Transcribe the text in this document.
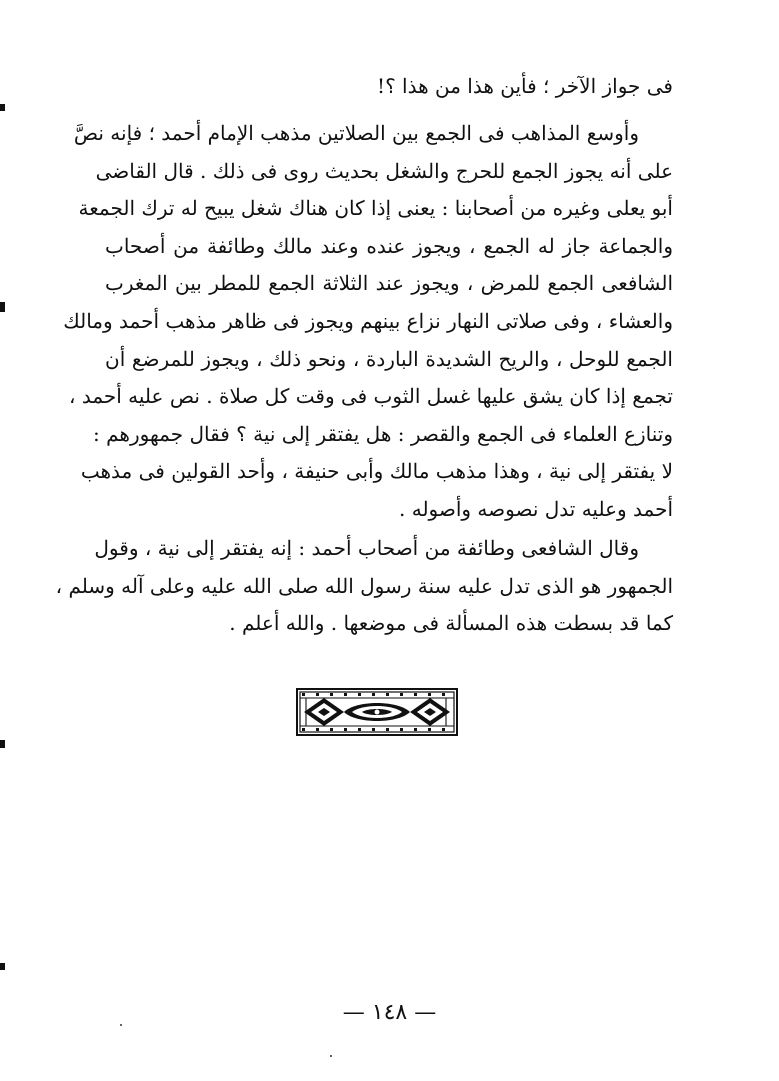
فى جواز الآخر ؛ فأين هذا من هذا ؟!
وأوسع المذاهب فى الجمع بين الصلاتين مذهب الإمام أحمد ؛ فإنه نصَّ
على أنه يجوز الجمع للحرج والشغل بحديث روى فى ذلك . قال القاضى
أبو يعلى وغيره من أصحابنا : يعنى إذا كان هناك شغل يبيح له ترك الجمعة
والجماعة جاز له الجمع ، ويجوز عنده وعند مالك وطائفة من أصحاب
الشافعى الجمع للمرض ، ويجوز عند الثلاثة الجمع للمطر بين المغرب
والعشاء ، وفى صلاتى النهار نزاع بينهم ويجوز فى ظاهر مذهب أحمد ومالك
الجمع للوحل ، والريح الشديدة الباردة ، ونحو ذلك ، ويجوز للمرضع أن
تجمع إذا كان يشق عليها غسل الثوب فى وقت كل صلاة . نص عليه أحمد ،
وتنازع العلماء فى الجمع والقصر : هل يفتقر إلى نية ؟ فقال جمهورهم :
لا يفتقر إلى نية ، وهذا مذهب مالك وأبى حنيفة ، وأحد القولين فى مذهب
أحمد وعليه تدل نصوصه وأصوله .
وقال الشافعى وطائفة من أصحاب أحمد : إنه يفتقر إلى نية ، وقول
الجمهور هو الذى تدل عليه سنة رسول الله صلى الله عليه وعلى آله وسلم ،
كما قد بسطت هذه المسألة فى موضعها . والله أعلم .
— ١٤٨ —
